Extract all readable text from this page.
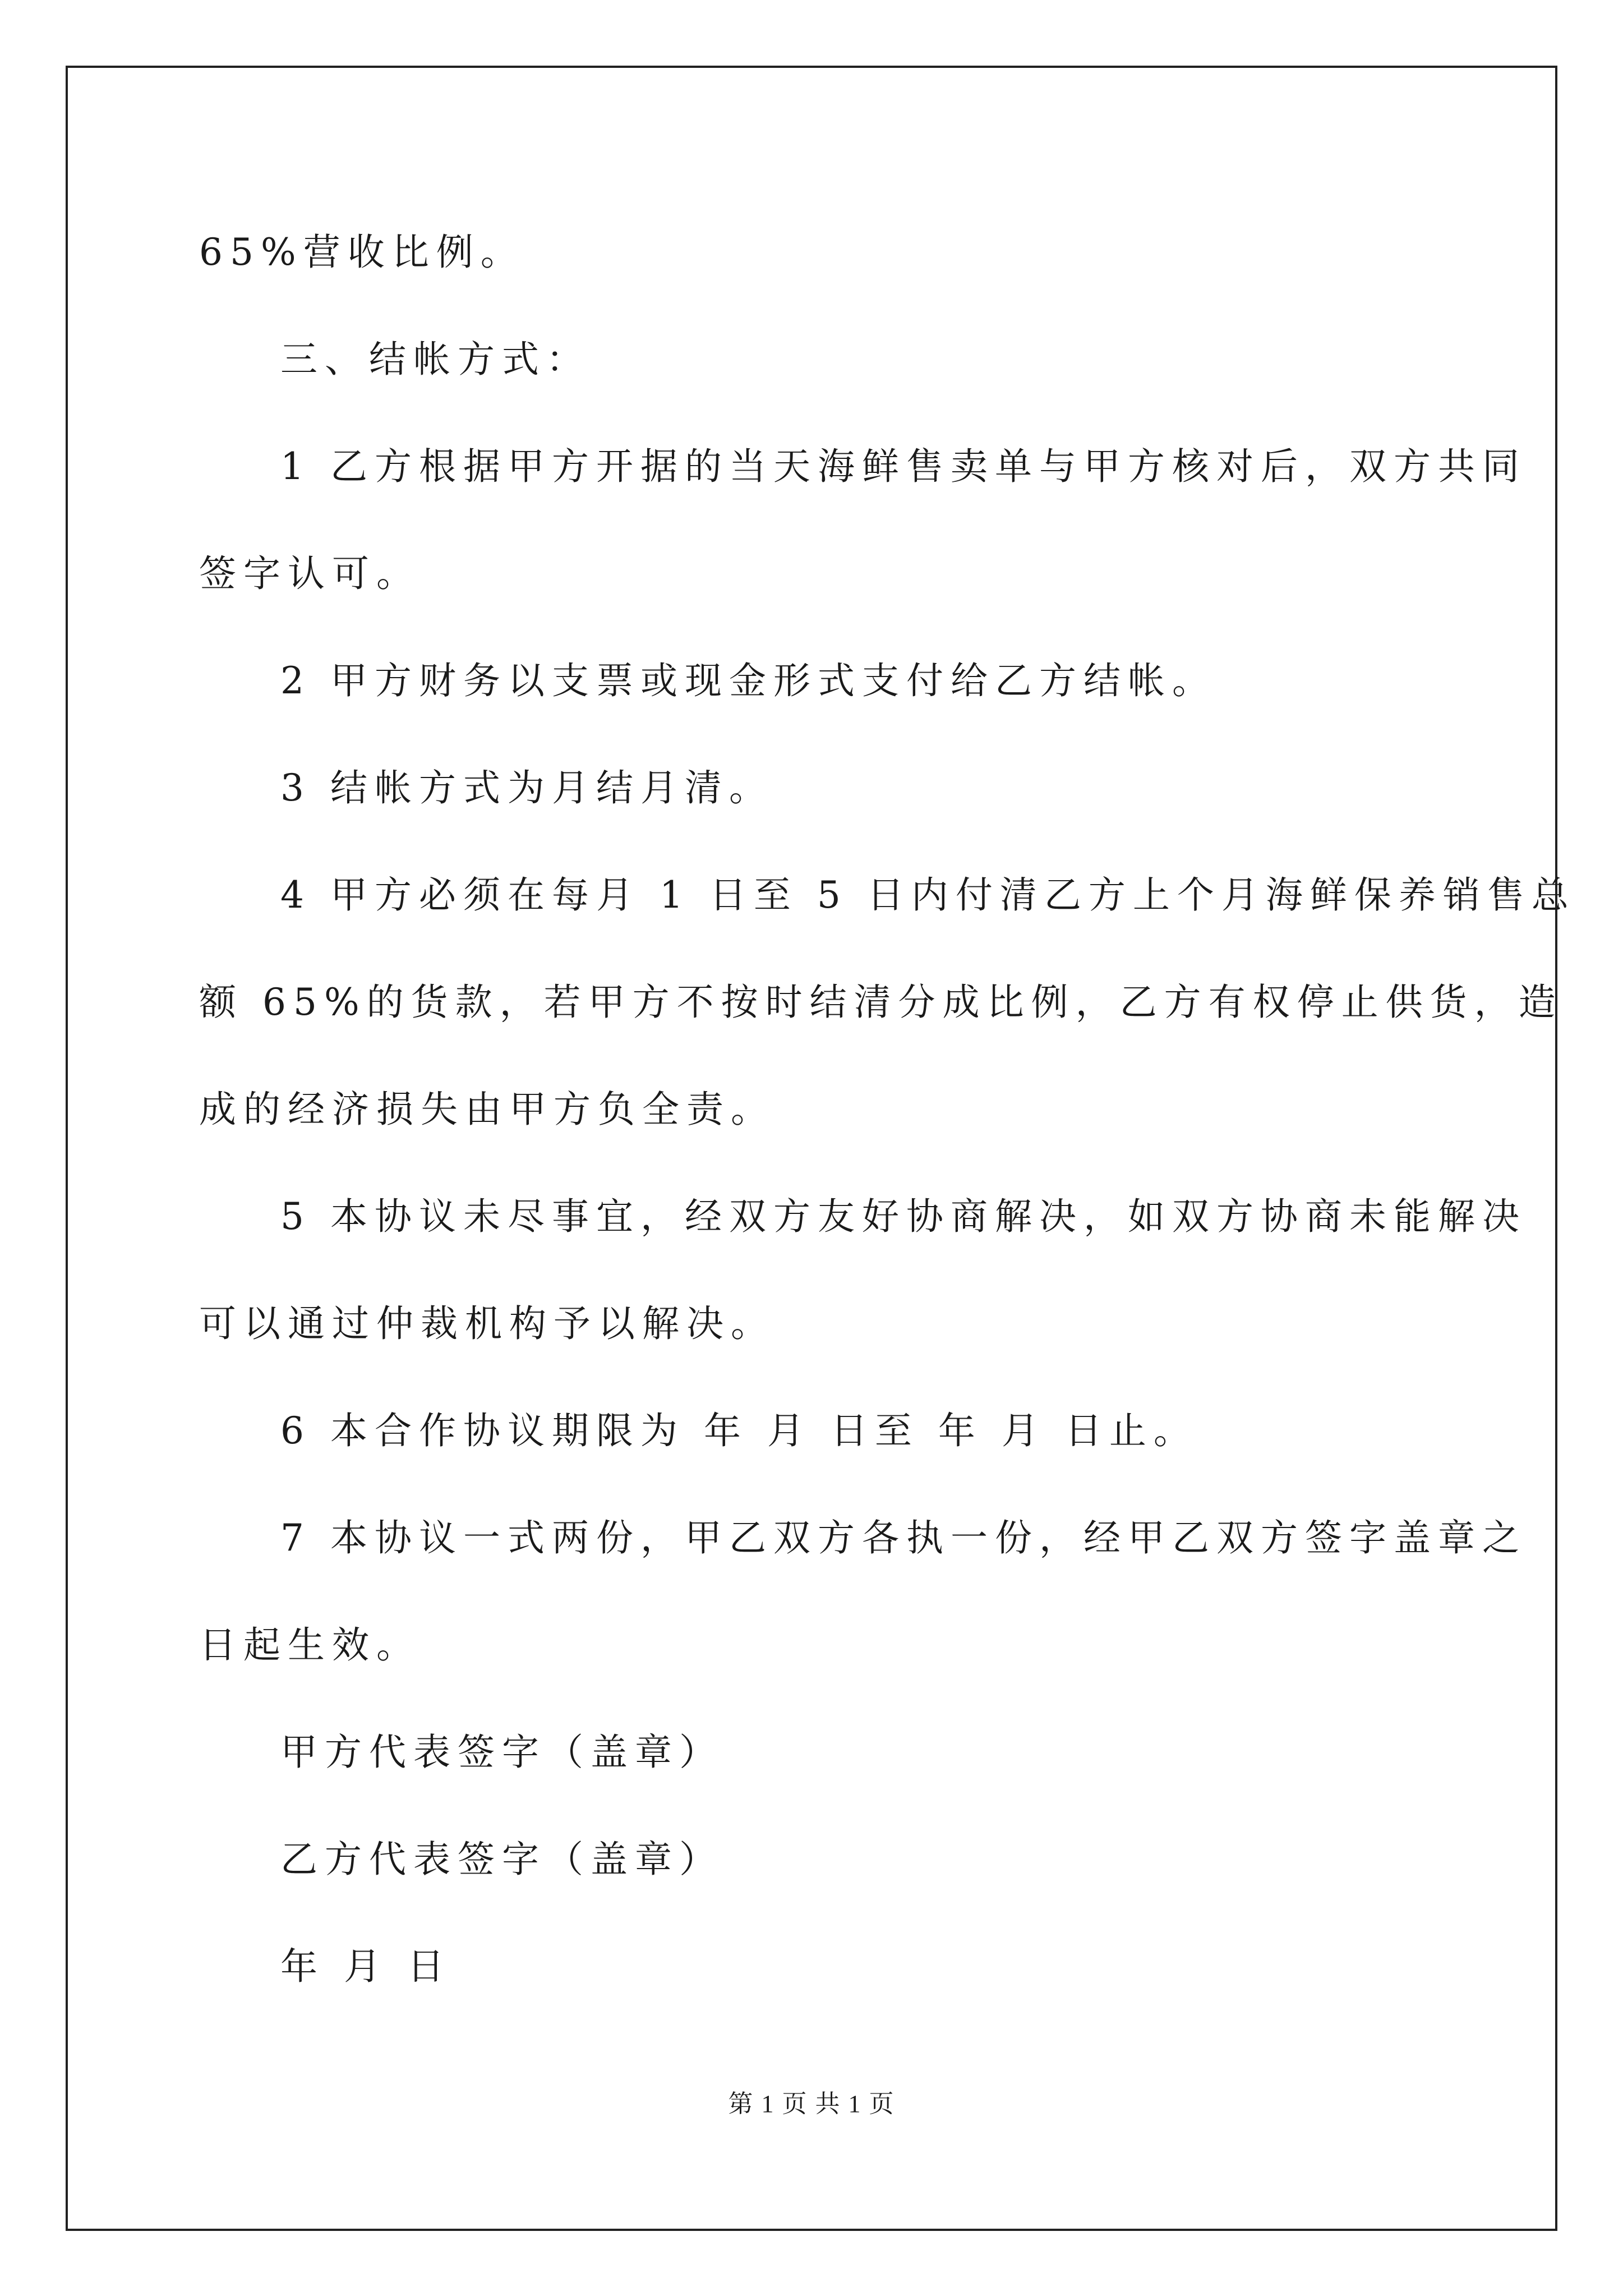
65%营收比例。

三、结帐方式：

1 乙方根据甲方开据的当天海鲜售卖单与甲方核对后，双方共同

签字认可。

2 甲方财务以支票或现金形式支付给乙方结帐。

3 结帐方式为月结月清。

4 甲方必须在每月 1 日至 5 日内付清乙方上个月海鲜保养销售总

额 65%的货款，若甲方不按时结清分成比例，乙方有权停止供货，造

成的经济损失由甲方负全责。

5 本协议未尽事宜，经双方友好协商解决，如双方协商未能解决

可以通过仲裁机构予以解决。

6 本合作协议期限为 年 月 日至 年 月 日止。

7 本协议一式两份，甲乙双方各执一份，经甲乙双方签字盖章之

日起生效。

甲方代表签字（盖章）

乙方代表签字（盖章）

年 月 日

第 1 页 共 1 页
